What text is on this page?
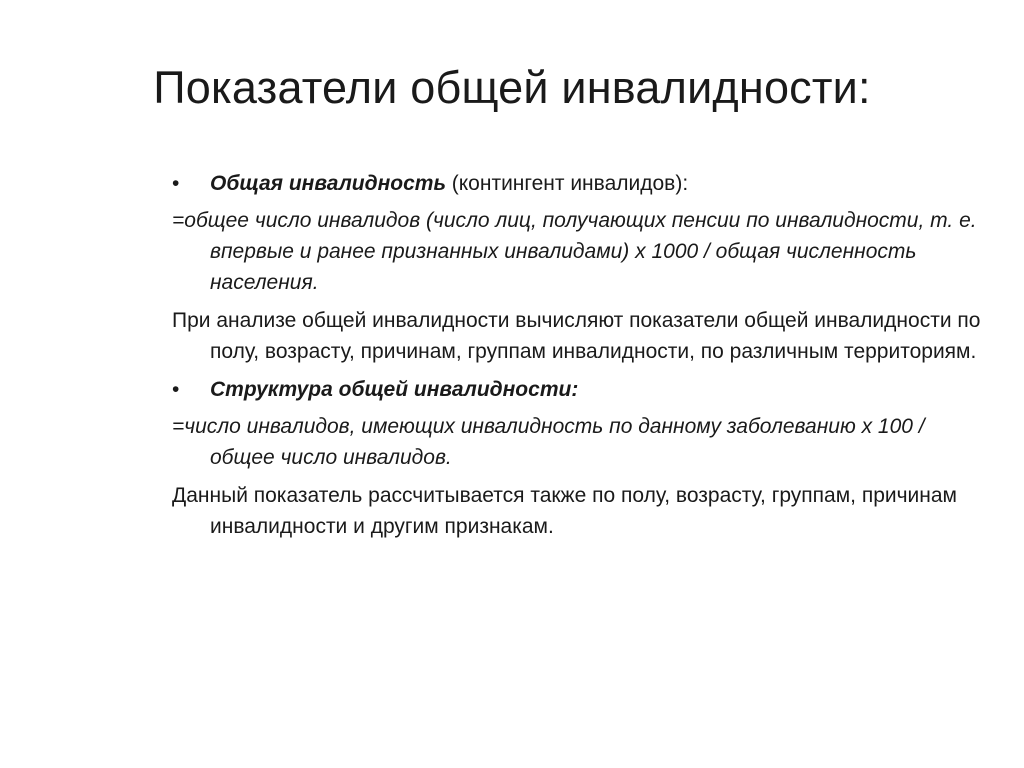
Показатели общей инвалидности:
• Общая инвалидность (контингент инвалидов):

=общее число инвалидов (число лиц, получающих пенсии по инвалидности, т. е. впервые и ранее признанных инвалидами) х 1000 / общая численность населения.

При анализе общей инвалидности вычисляют показатели общей инвалидности по полу, возрасту, причинам, группам инвалидности, по различным территориям.

• Структура общей инвалидности:

=число инвалидов, имеющих инвалидность по данному заболеванию х 100 / общее число инвалидов.

Данный показатель рассчитывается также по полу, возрасту, группам, причинам инвалидности и другим признакам.
